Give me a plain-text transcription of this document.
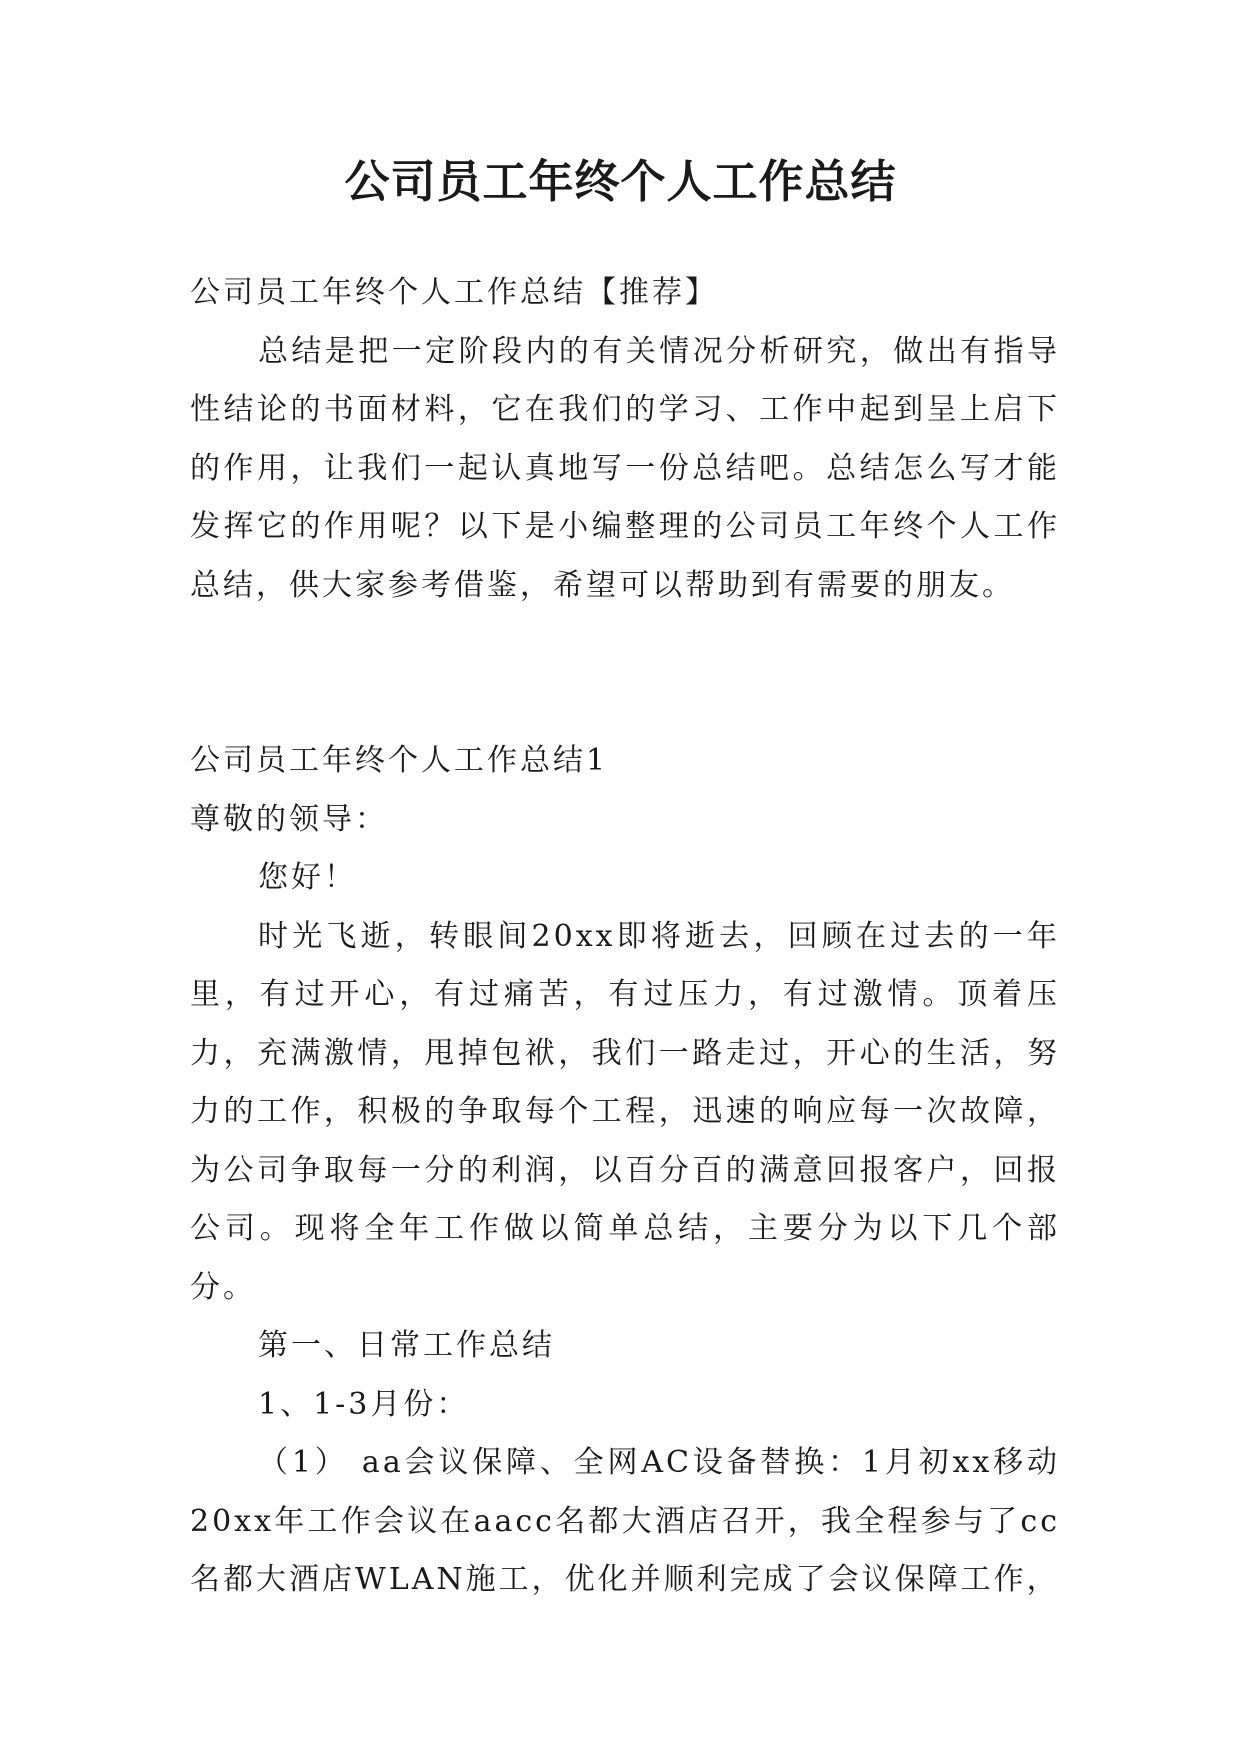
公司员工年终个人工作总结

公司员工年终个人工作总结【推荐】

总结是把一定阶段内的有关情况分析研究，做出有指导性结论的书面材料，它在我们的学习、工作中起到呈上启下的作用，让我们一起认真地写一份总结吧。总结怎么写才能发挥它的作用呢？以下是小编整理的公司员工年终个人工作总结，供大家参考借鉴，希望可以帮助到有需要的朋友。

公司员工年终个人工作总结1

尊敬的领导：

您好！

时光飞逝，转眼间20xx即将逝去，回顾在过去的一年里，有过开心，有过痛苦，有过压力，有过激情。顶着压力，充满激情，甩掉包袱，我们一路走过，开心的生活，努力的工作，积极的争取每个工程，迅速的响应每一次故障，为公司争取每一分的利润，以百分百的满意回报客户，回报公司。现将全年工作做以简单总结，主要分为以下几个部分。

第一、日常工作总结

1、1-3月份：

（1） aa会议保障、全网AC设备替换：1月初xx移动20xx年工作会议在aacc名都大酒店召开，我全程参与了cc名都大酒店WLAN施工，优化并顺利完成了会议保障工作，
